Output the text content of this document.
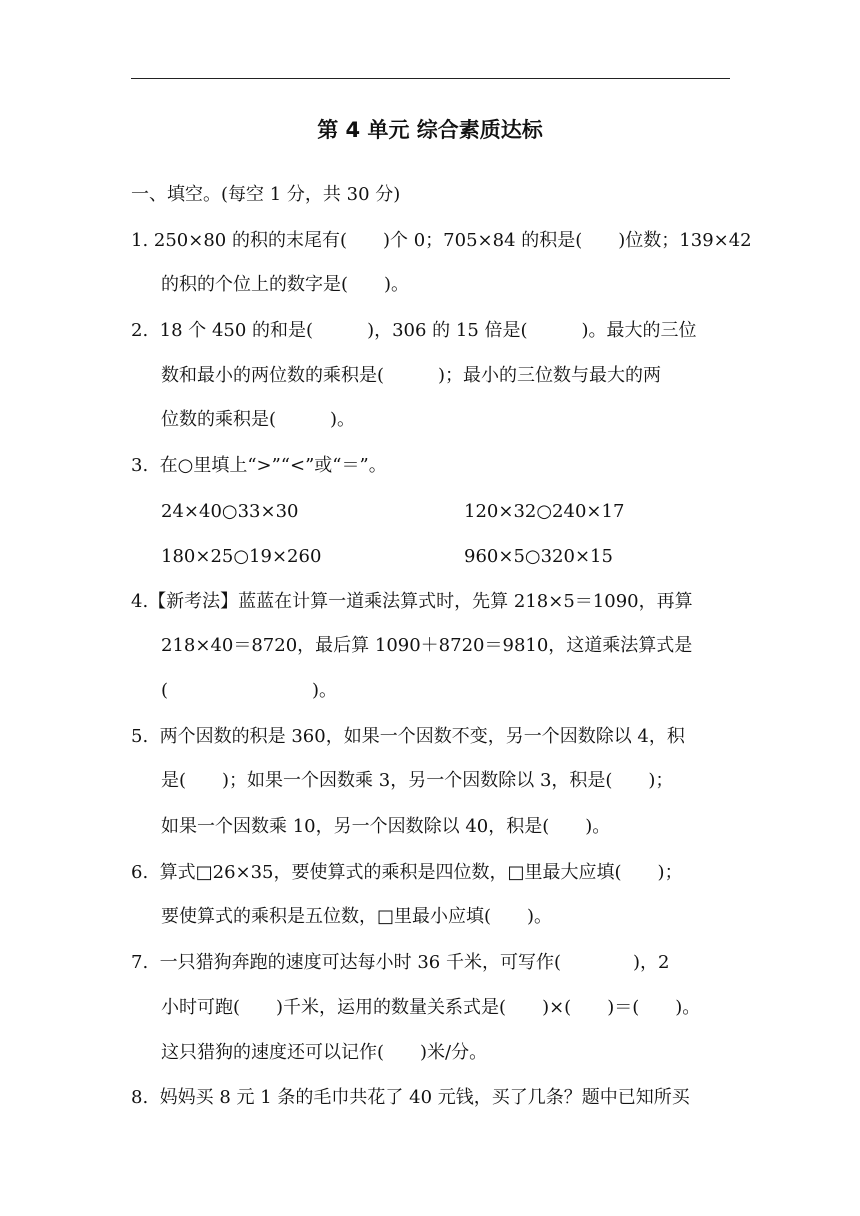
第 4 单元 综合素质达标
一、填空。(每空 1 分，共 30 分)
1. 250×80 的积的末尾有(　　)个 0；705×84 的积是(　　)位数；139×42
的积的个位上的数字是(　　)。
2.  18 个 450 的和是(　　　)，306 的 15 倍是(　　　)。最大的三位
数和最小的两位数的乘积是(　　　)；最小的三位数与最大的两
位数的乘积是(　　　)。
3.  在○里填上“>”“<”或“＝”。
24×40○33×30	120×32○240×17
180×25○19×260	960×5○320×15
4.【新考法】蓝蓝在计算一道乘法算式时，先算 218×5＝1090，再算
218×40＝8720，最后算 1090＋8720＝9810，这道乘法算式是
(　　　　　　　　)。
5.  两个因数的积是 360，如果一个因数不变，另一个因数除以 4，积
是(　　)；如果一个因数乘 3，另一个因数除以 3，积是(　　)；
如果一个因数乘 10，另一个因数除以 40，积是(　　)。
6.  算式□26×35，要使算式的乘积是四位数，□里最大应填(　　)；
要使算式的乘积是五位数，□里最小应填(　　)。
7.  一只猎狗奔跑的速度可达每小时 36 千米，可写作(　　　　)，2
小时可跑(　　)千米，运用的数量关系式是(　　)×(　　)＝(　　)。
这只猎狗的速度还可以记作(　　)米/分。
8.  妈妈买 8 元 1 条的毛巾共花了 40 元钱，买了几条？题中已知所买
